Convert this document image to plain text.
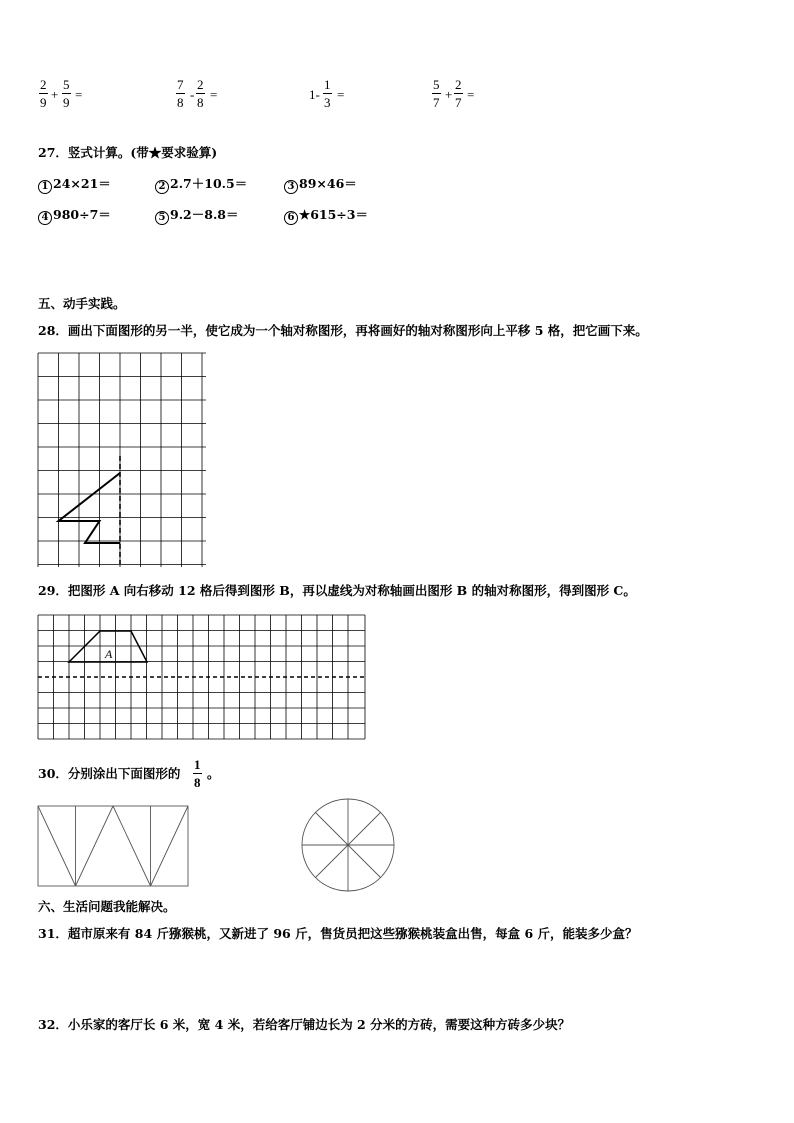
2
9
+
5
9
=
7
8
-
2
8
=	1-
1
3
=
5
7
+
2
7
=
27．竖式计算。(带★要求验算)
1 24×21＝	2 2.7＋10.5＝	3 89×46＝
4 980÷7＝	5 9.2－8.8＝	6 ★615÷3＝
五、动手实践。
28．画出下面图形的另一半，使它成为一个轴对称图形，再将画好的轴对称图形向上平移 5 格，把它画下来。
29．把图形 A 向右移动 12 格后得到图形 B，再以虚线为对称轴画出图形 B 的轴对称图形，得到图形 C。
A
30．分别涂出下面图形的
1
8
。
六、生活问题我能解决。
31．超市原来有 84 斤猕猴桃，又新进了 96 斤，售货员把这些猕猴桃装盒出售，每盒 6 斤，能装多少盒？
32．小乐家的客厅长 6 米，宽 4 米，若给客厅铺边长为 2 分米的方砖，需要这种方砖多少块？
